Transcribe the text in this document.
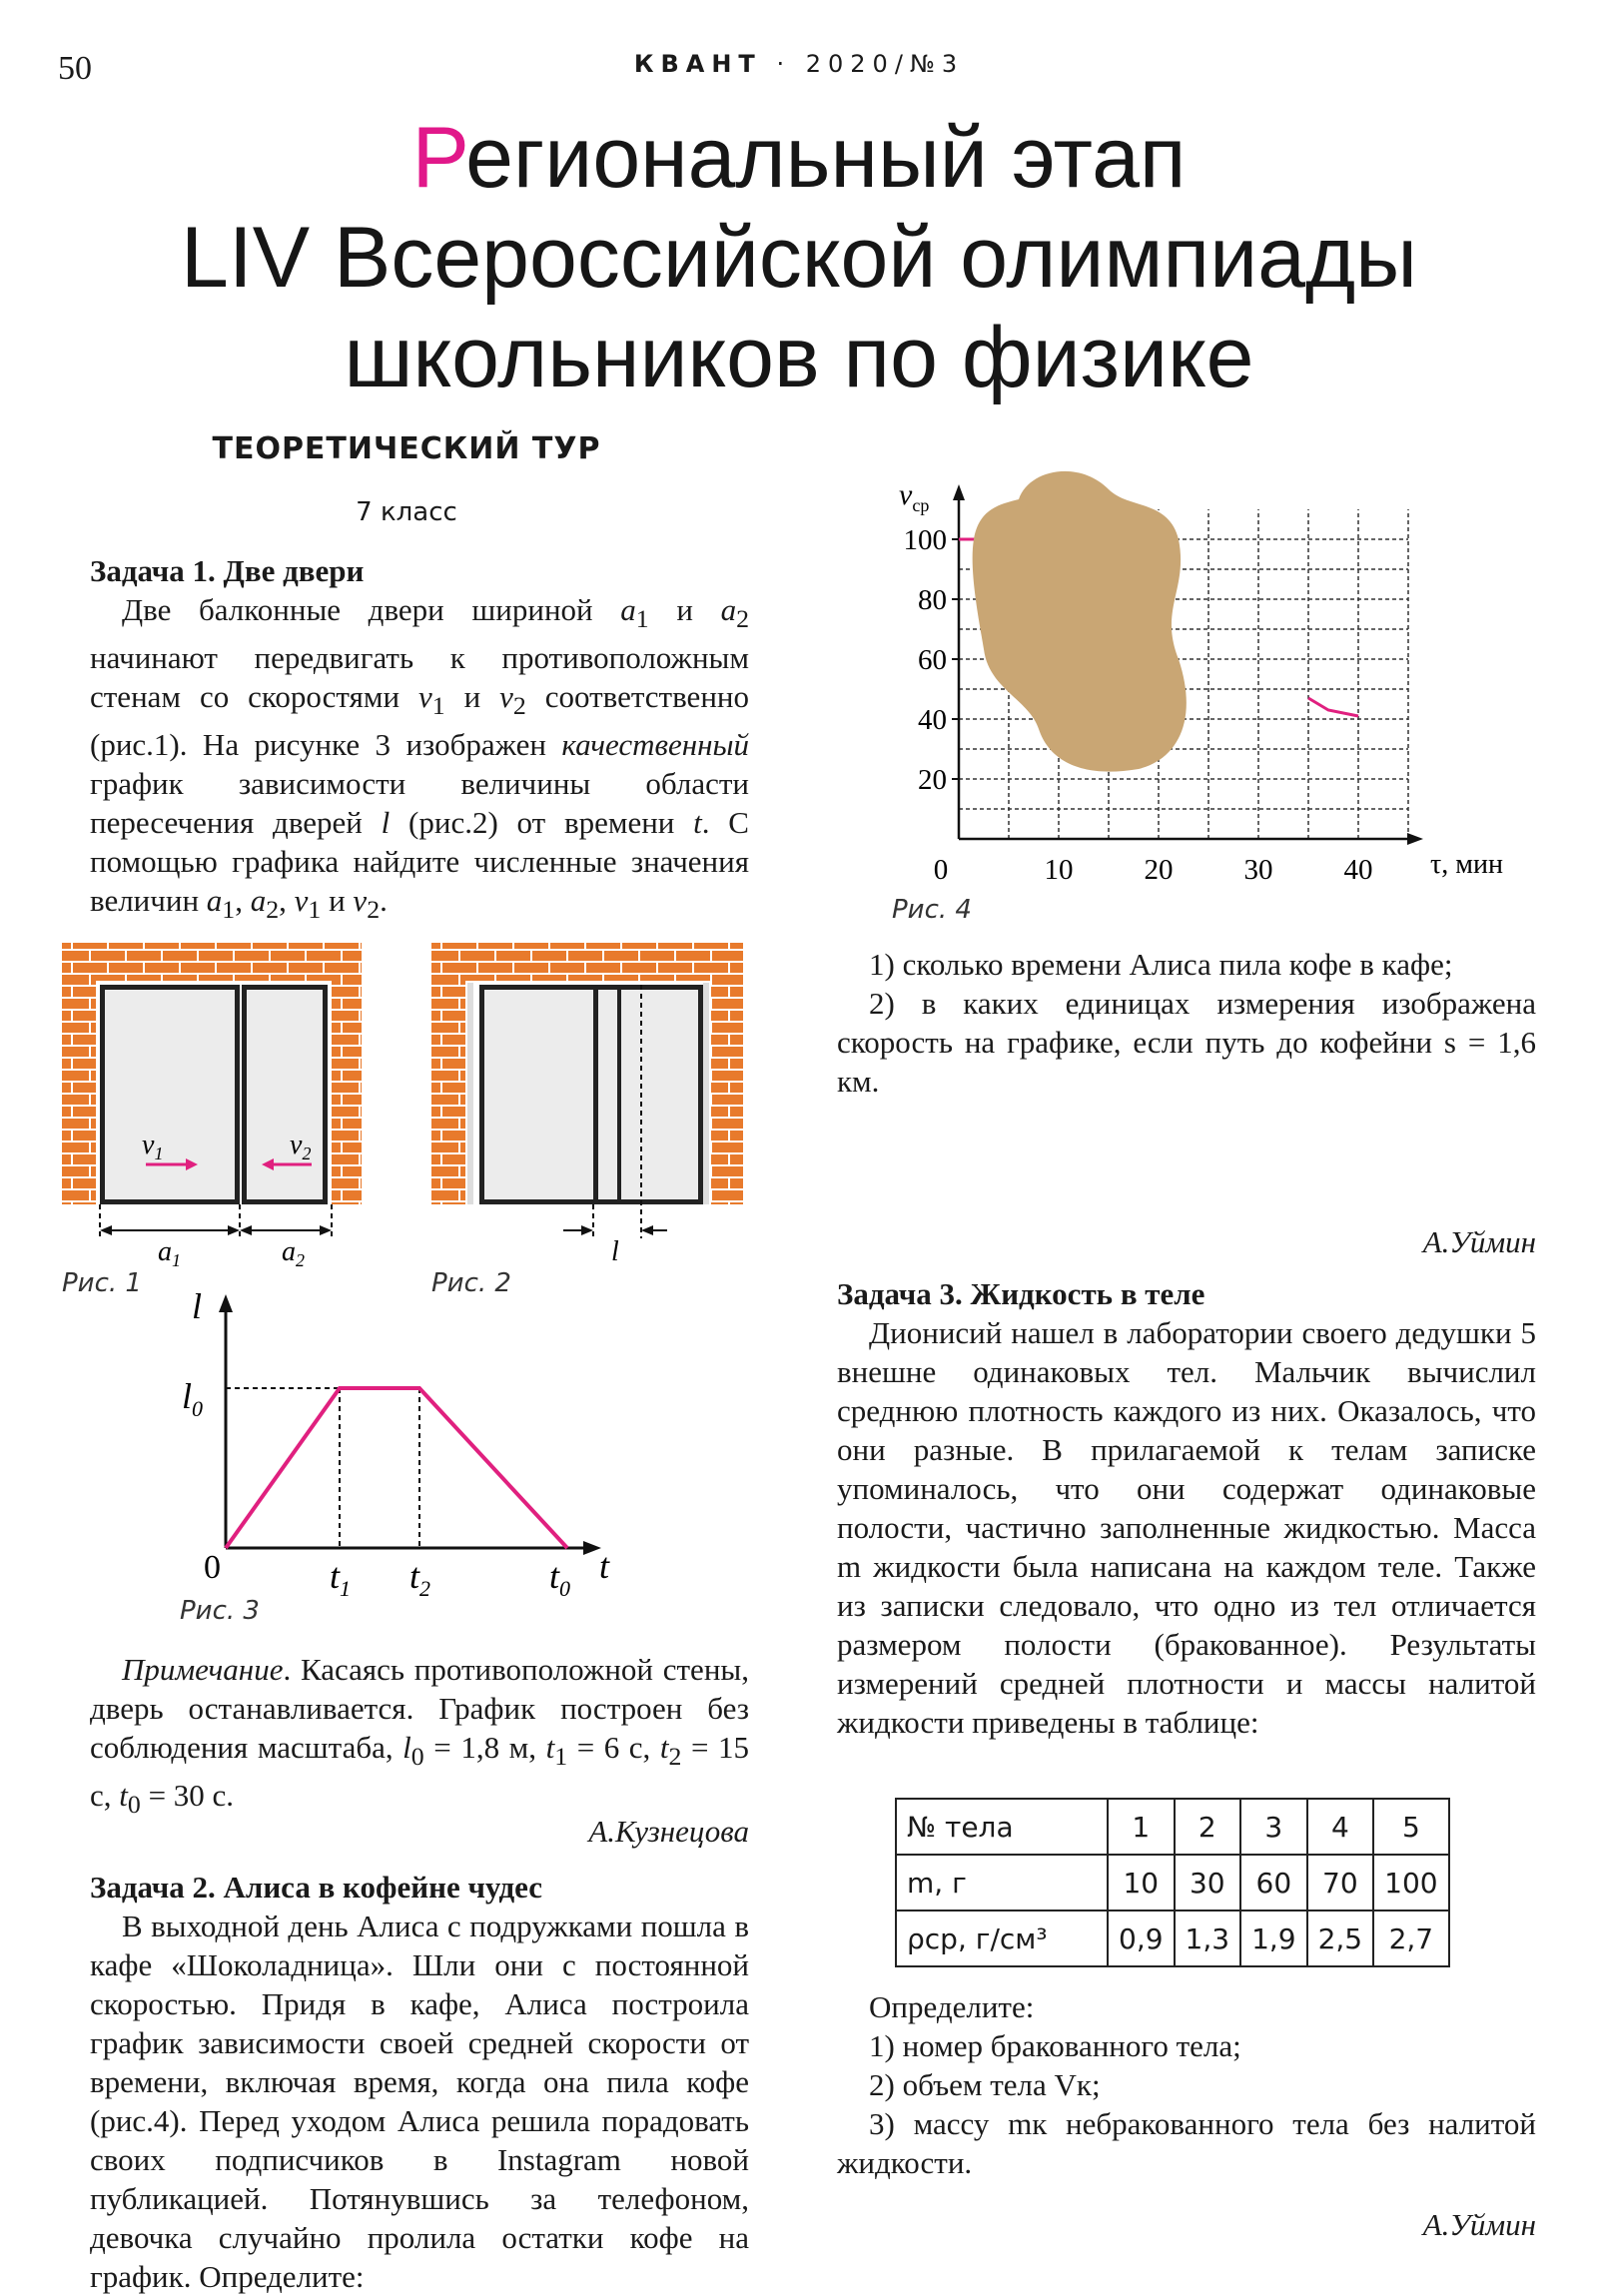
50	КВАНТ · 2020/№3
Региональный этап
LIV Всероссийской олимпиады
школьников по физике
ТЕОРЕТИЧЕСКИЙ ТУР
7 класс

Задача 1. Две двери

Две балконные двери шириной $a_1$ и $a_2$ начинают передвигать к противоположным стенам со скоростями $v_1$ и $v_2$ соответственно (рис.1). На рисунке 3 изображен качественный график зависимости величины области пересечения дверей l (рис.2) от времени t. С помощью графика найдите численные значения величин $a_1$, $a_2$, $v_1$ и $v_2$.

$v_1$	$v_2$
$a_1$	$a_2$
Рис. 1
l
Рис. 2
l
t
$l_0$
0	$t_1$ $t_2$	$t_0$
Рис. 3

Примечание. Касаясь противоположной стены, дверь останавливается. График построен без соблюдения масштаба, $l_0 = 1,8$ м, $t_1 = 6$ с, $t_2 = 15$ с, $t_0 = 30$ с.

А.Кузнецова

Задача 2. Алиса в кофейне чудес

В выходной день Алиса с подружками пошла в кафе «Шоколадница». Шли они с постоянной скоростью. Придя в кафе, Алиса построила график зависимости своей средней скорости от времени, включая время, когда она пила кофе (рис.4). Перед уходом Алиса решила порадовать своих подписчиков в Instagram новой публикацией. Потянувшись за телефоном, девочка случайно пролила остатки кофе на график. Определите:

1) сколько времени Алиса пила кофе в кафе;

2) в каких единицах измерения изображена скорость на графике, если путь до кофейни s = 1,6 км.

А.Уймин
20
40
60
80
100
10 20 30 40
0	τ, мин
$v_{ср}$
Рис. 4

Задача 3. Жидкость в теле

Дионисий нашел в лаборатории своего дедушки 5 внешне одинаковых тел. Мальчик вычислил среднюю плотность каждого из них. Оказалось, что они разные. В прилагаемой к телам записке упоминалось, что они содержат одинаковые полости, частично заполненные жидкостью. Масса m жидкости была написана на каждом теле. Также из записки следовало, что одно из тел отличается размером полости (бракованное). Результаты измерений средней плотности и массы налитой жидкости приведены в таблице:

№ тела	1	2	3	4	5
m, г	10	30	60	70	100
ρср, г/см³	0,9	1,3	1,9	2,5	2,7

Определите:

1) номер бракованного тела;

2) объем тела Vк;

3) массу mк небракованного тела без налитой жидкости.

А.Уймин
